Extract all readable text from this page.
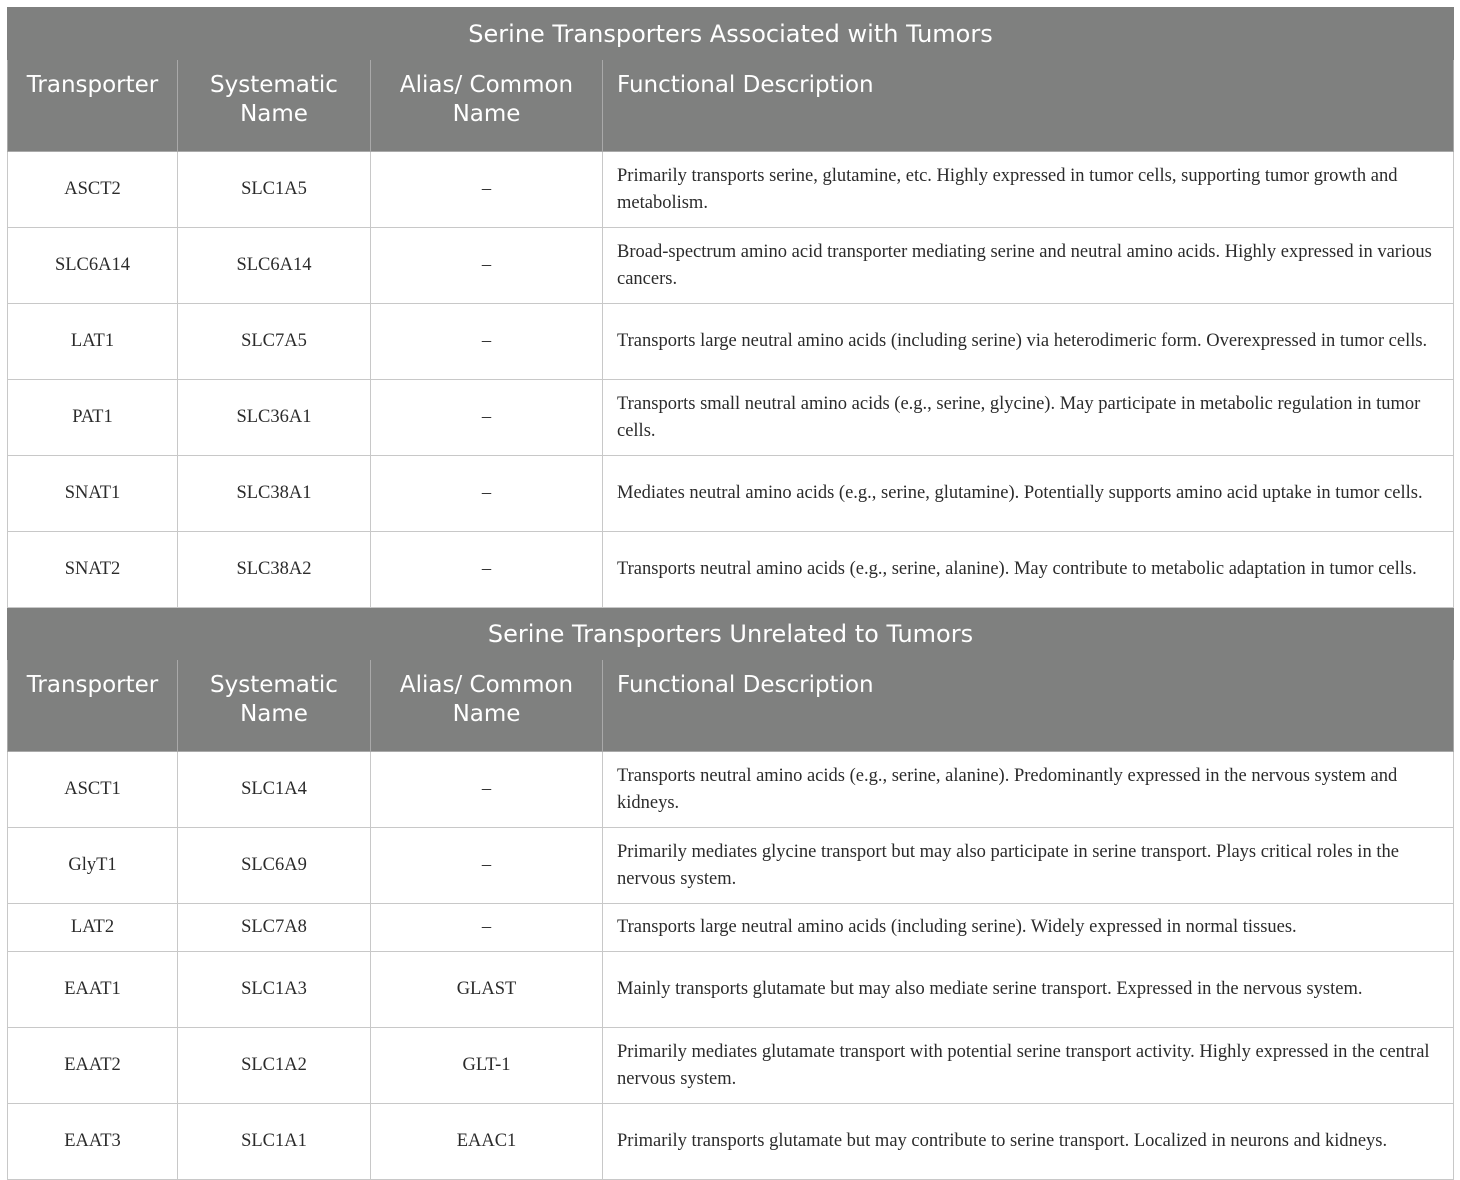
Serine Transporters Associated with Tumors			
Transporter	Systematic Name	Alias/ Common Name	Functional Description
ASCT2	SLC1A5	–	Primarily transports serine, glutamine, etc. Highly expressed in tumor cells, supporting tumor growth and metabolism.
SLC6A14	SLC6A14	–	Broad-spectrum amino acid transporter mediating serine and neutral amino acids. Highly expressed in various cancers.
LAT1	SLC7A5	–	Transports large neutral amino acids (including serine) via heterodimeric form. Overexpressed in tumor cells.
PAT1	SLC36A1	–	Transports small neutral amino acids (e.g., serine, glycine). May participate in metabolic regulation in tumor cells.
SNAT1	SLC38A1	–	Mediates neutral amino acids (e.g., serine, glutamine). Potentially supports amino acid uptake in tumor cells.
SNAT2	SLC38A2	–	Transports neutral amino acids (e.g., serine, alanine). May contribute to metabolic adaptation in tumor cells.
Serine Transporters Unrelated to Tumors			
Transporter	Systematic Name	Alias/ Common Name	Functional Description
ASCT1	SLC1A4	–	Transports neutral amino acids (e.g., serine, alanine). Predominantly expressed in the nervous system and kidneys.
GlyT1	SLC6A9	–	Primarily mediates glycine transport but may also participate in serine transport. Plays critical roles in the nervous system.
LAT2	SLC7A8	–	Transports large neutral amino acids (including serine). Widely expressed in normal tissues.
EAAT1	SLC1A3	GLAST	Mainly transports glutamate but may also mediate serine transport. Expressed in the nervous system.
EAAT2	SLC1A2	GLT-1	Primarily mediates glutamate transport with potential serine transport activity. Highly expressed in the central nervous system.
EAAT3	SLC1A1	EAAC1	Primarily transports glutamate but may contribute to serine transport. Localized in neurons and kidneys.
